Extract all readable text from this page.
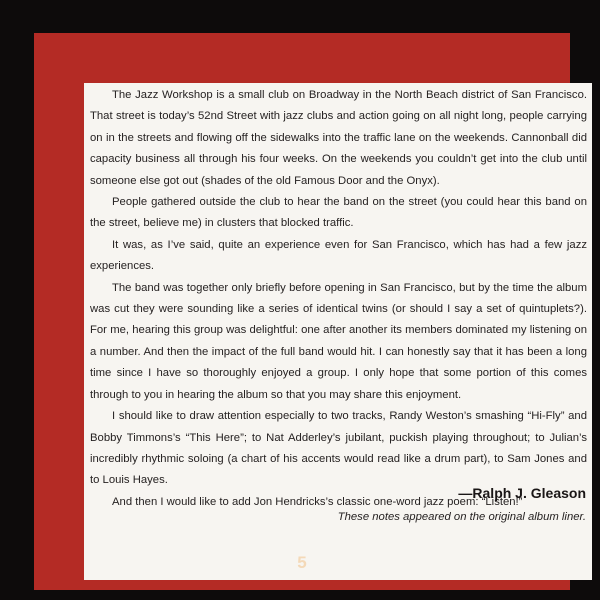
The Jazz Workshop is a small club on Broadway in the North Beach district of San Francisco. That street is today’s 52nd Street with jazz clubs and action going on all night long, people carrying on in the streets and flowing off the sidewalks into the traffic lane on the weekends. Cannonball did capacity business all through his four weeks. On the weekends you couldn’t get into the club until someone else got out (shades of the old Famous Door and the Onyx).

People gathered outside the club to hear the band on the street (you could hear this band on the street, believe me) in clusters that blocked traffic.

It was, as I’ve said, quite an experience even for San Francisco, which has had a few jazz experiences.

The band was together only briefly before opening in San Francisco, but by the time the album was cut they were sounding like a series of identical twins (or should I say a set of quintuplets?). For me, hearing this group was delightful: one after another its members dominated my listening on a number. And then the impact of the full band would hit. I can honestly say that it has been a long time since I have so thoroughly enjoyed a group. I only hope that some portion of this comes through to you in hearing the album so that you may share this enjoyment.

I should like to draw attention especially to two tracks, Randy Weston’s smashing “Hi-Fly” and Bobby Timmons’s “This Here”; to Nat Adderley’s jubilant, puckish playing throughout; to Julian’s incredibly rhythmic soloing (a chart of his accents would read like a drum part), to Sam Jones and to Louis Hayes.

And then I would like to add Jon Hendricks’s classic one-word jazz poem: “Listen!”

—Ralph J. Gleason

These notes appeared on the original album liner.

5
